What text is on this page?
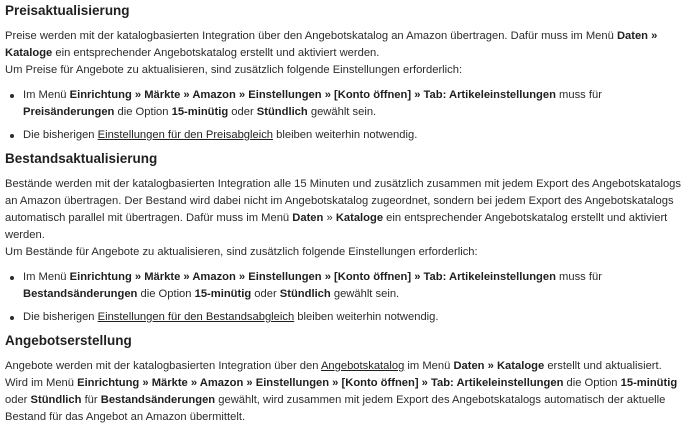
Preisaktualisierung

Preise werden mit der katalogbasierten Integration über den Angebotskatalog an Amazon übertragen. Dafür muss im Menü Daten » Kataloge ein entsprechender Angebotskatalog erstellt und aktiviert werden.

Um Preise für Angebote zu aktualisieren, sind zusätzlich folgende Einstellungen erforderlich:

Im Menü Einrichtung » Märkte » Amazon » Einstellungen » [Konto öffnen] » Tab: Artikeleinstellungen muss für Preisänderungen die Option 15-minütig oder Stündlich gewählt sein.
Die bisherigen Einstellungen für den Preisabgleich bleiben weiterhin notwendig.
Bestandsaktualisierung

Bestände werden mit der katalogbasierten Integration alle 15 Minuten und zusätzlich zusammen mit jedem Export des Angebotskatalogs an Amazon übertragen. Der Bestand wird dabei nicht im Angebotskatalog zugeordnet, sondern bei jedem Export des Angebotskatalogs automatisch parallel mit übertragen. Dafür muss im Menü Daten » Kataloge ein entsprechender Angebotskatalog erstellt und aktiviert werden.

Um Bestände für Angebote zu aktualisieren, sind zusätzlich folgende Einstellungen erforderlich:

Im Menü Einrichtung » Märkte » Amazon » Einstellungen » [Konto öffnen] » Tab: Artikeleinstellungen muss für Bestandsänderungen die Option 15-minütig oder Stündlich gewählt sein.
Die bisherigen Einstellungen für den Bestandsabgleich bleiben weiterhin notwendig.
Angebotserstellung

Angebote werden mit der katalogbasierten Integration über den Angebotskatalog im Menü Daten » Kataloge erstellt und aktualisiert. Wird im Menü Einrichtung » Märkte » Amazon » Einstellungen » [Konto öffnen] » Tab: Artikeleinstellungen die Option 15-minütig oder Stündlich für Bestandsänderungen gewählt, wird zusammen mit jedem Export des Angebotskatalogs automatisch der aktuelle Bestand für das Angebot an Amazon übermittelt.
